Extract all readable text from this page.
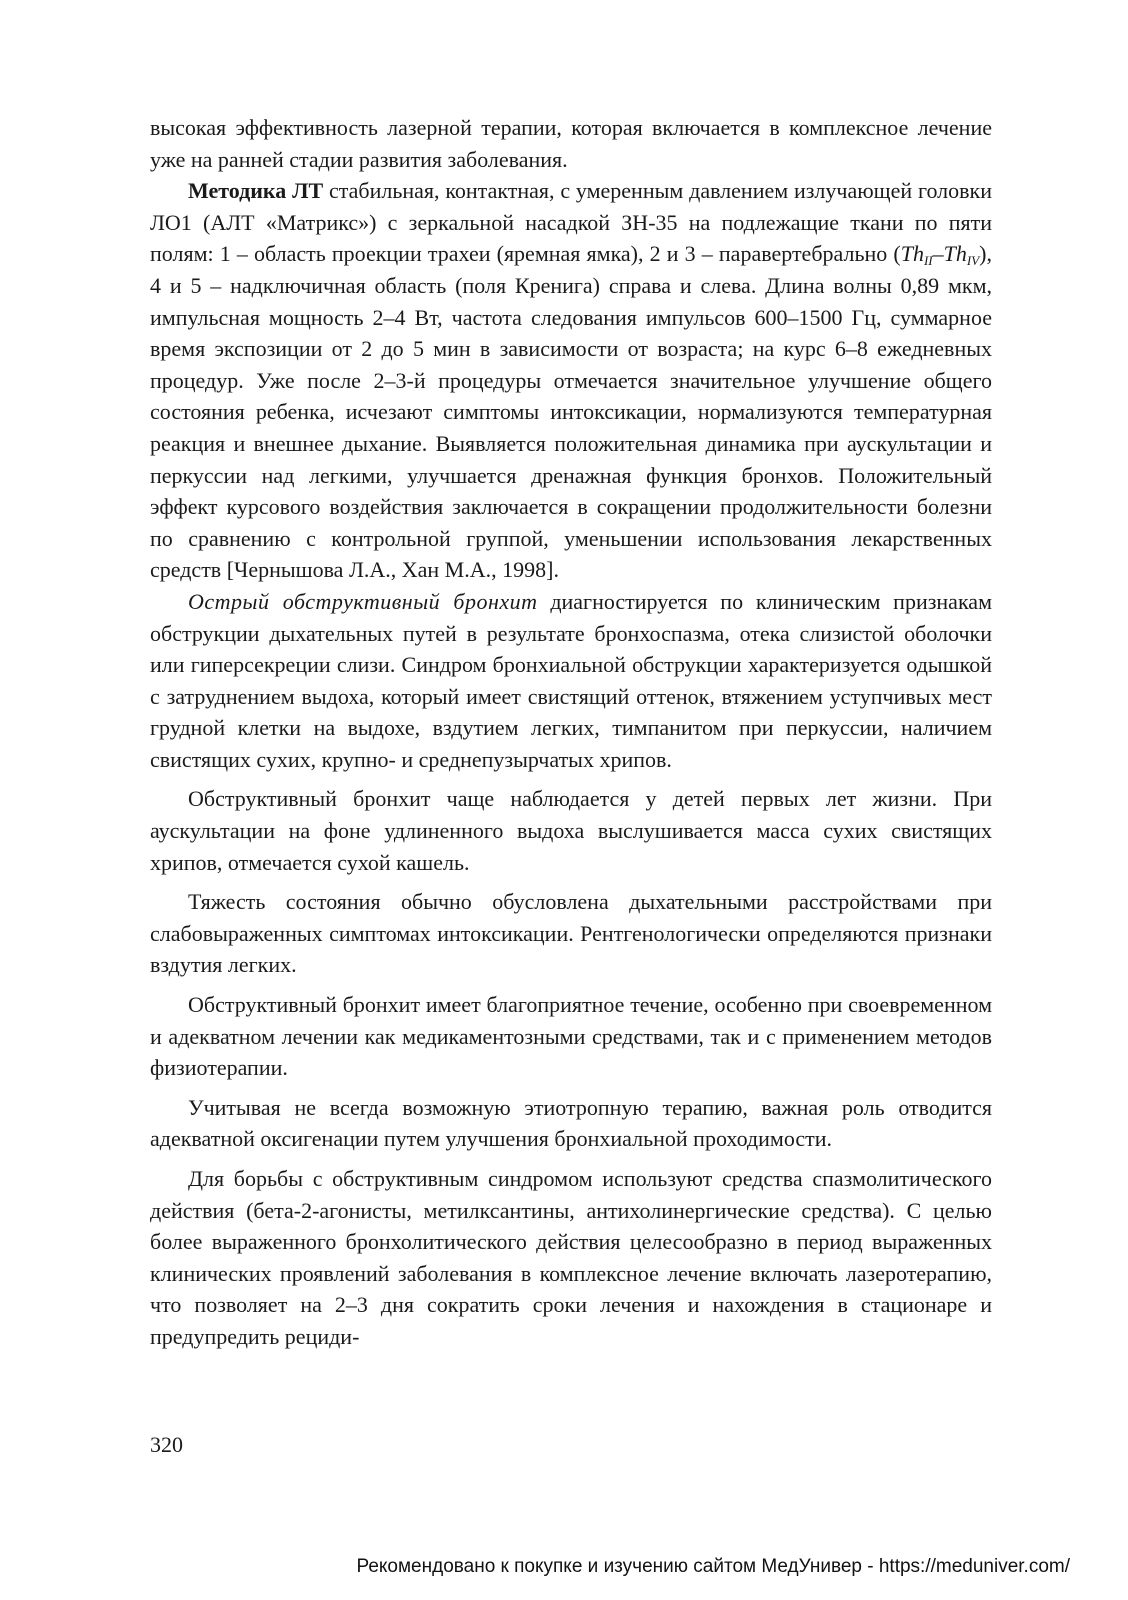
высокая эффективность лазерной терапии, которая включается в комплексное лечение уже на ранней стадии развития заболевания.

Методика ЛТ стабильная, контактная, с умеренным давлением излучающей головки ЛО1 (АЛТ «Матрикс») с зеркальной насадкой ЗН-35 на подлежащие ткани по пяти полям: 1 – область проекции трахеи (яремная ямка), 2 и 3 – паравертебрально $(Th_{II}-Th_{IV})$, 4 и 5 – надключичная область (поля Кренига) справа и слева. Длина волны 0,89 мкм, импульсная мощность 2–4 Вт, частота следования импульсов 600–1500 Гц, суммарное время экспозиции от 2 до 5 мин в зависимости от возраста; на курс 6–8 ежедневных процедур. Уже после 2–3-й процедуры отмечается значительное улучшение общего состояния ребенка, исчезают симптомы интоксикации, нормализуются температурная реакция и внешнее дыхание. Выявляется положительная динамика при аускультации и перкуссии над легкими, улучшается дренажная функция бронхов. Положительный эффект курсового воздействия заключается в сокращении продолжительности болезни по сравнению с контрольной группой, уменьшении использования лекарственных средств [Чернышова Л.А., Хан М.А., 1998].

Острый обструктивный бронхит диагностируется по клиническим признакам обструкции дыхательных путей в результате бронхоспазма, отека слизистой оболочки или гиперсекреции слизи. Синдром бронхиальной обструкции характеризуется одышкой с затруднением выдоха, который имеет свистящий оттенок, втяжением уступчивых мест грудной клетки на выдохе, вздутием легких, тимпанитом при перкуссии, наличием свистящих сухих, крупно- и среднепузырчатых хрипов.

Обструктивный бронхит чаще наблюдается у детей первых лет жизни. При аускультации на фоне удлиненного выдоха выслушивается масса сухих свистящих хрипов, отмечается сухой кашель.

Тяжесть состояния обычно обусловлена дыхательными расстройствами при слабовыраженных симптомах интоксикации. Рентгенологически определяются признаки вздутия легких.

Обструктивный бронхит имеет благоприятное течение, особенно при своевременном и адекватном лечении как медикаментозными средствами, так и с применением методов физиотерапии.

Учитывая не всегда возможную этиотропную терапию, важная роль отводится адекватной оксигенации путем улучшения бронхиальной проходимости.

Для борьбы с обструктивным синдромом используют средства спазмолитического действия (бета-2-агонисты, метилксантины, антихолинергические средства). С целью более выраженного бронхолитического действия целесообразно в период выраженных клинических проявлений заболевания в комплексное лечение включать лазеротерапию, что позволяет на 2–3 дня сократить сроки лечения и нахождения в стационаре и предупредить рециди-

320
Рекомендовано к покупке и изучению сайтом МедУнивер - https://meduniver.com/
